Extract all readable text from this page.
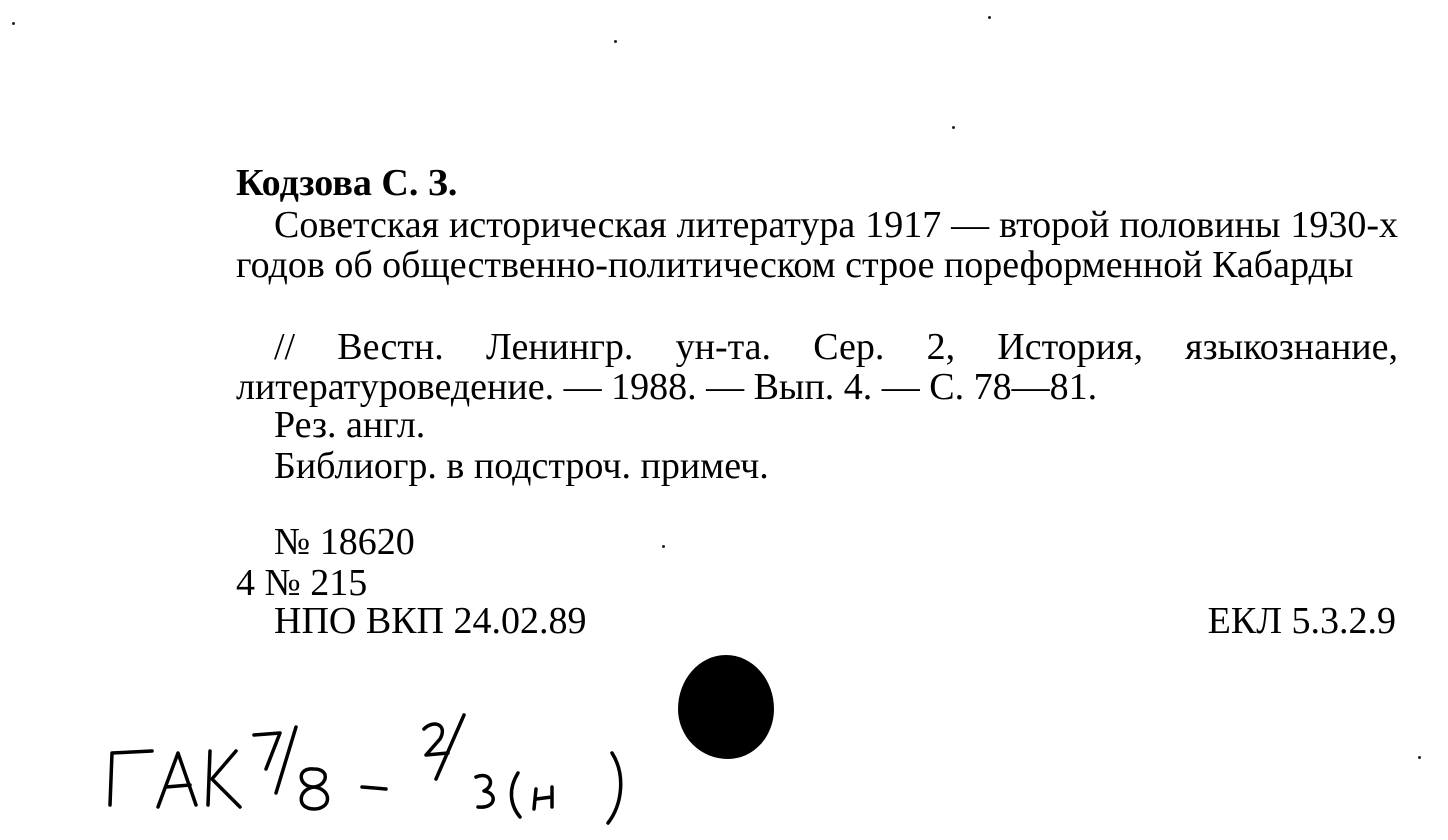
Кодзова С. З.
Советская историческая литература 1917 — второй половины 1930-х годов об общественно-политическом строе пореформенной Кабарды
// Вестн. Ленингр. ун-та. Сер. 2, История, языкознание, литературоведение. — 1988. — Вып. 4. — С. 78—81.
Рез. англ.
Библиогр. в подстроч. примеч.
№ 18620
4 № 215
НПО ВКП 24.02.89	ЕКЛ 5.3.2.9
